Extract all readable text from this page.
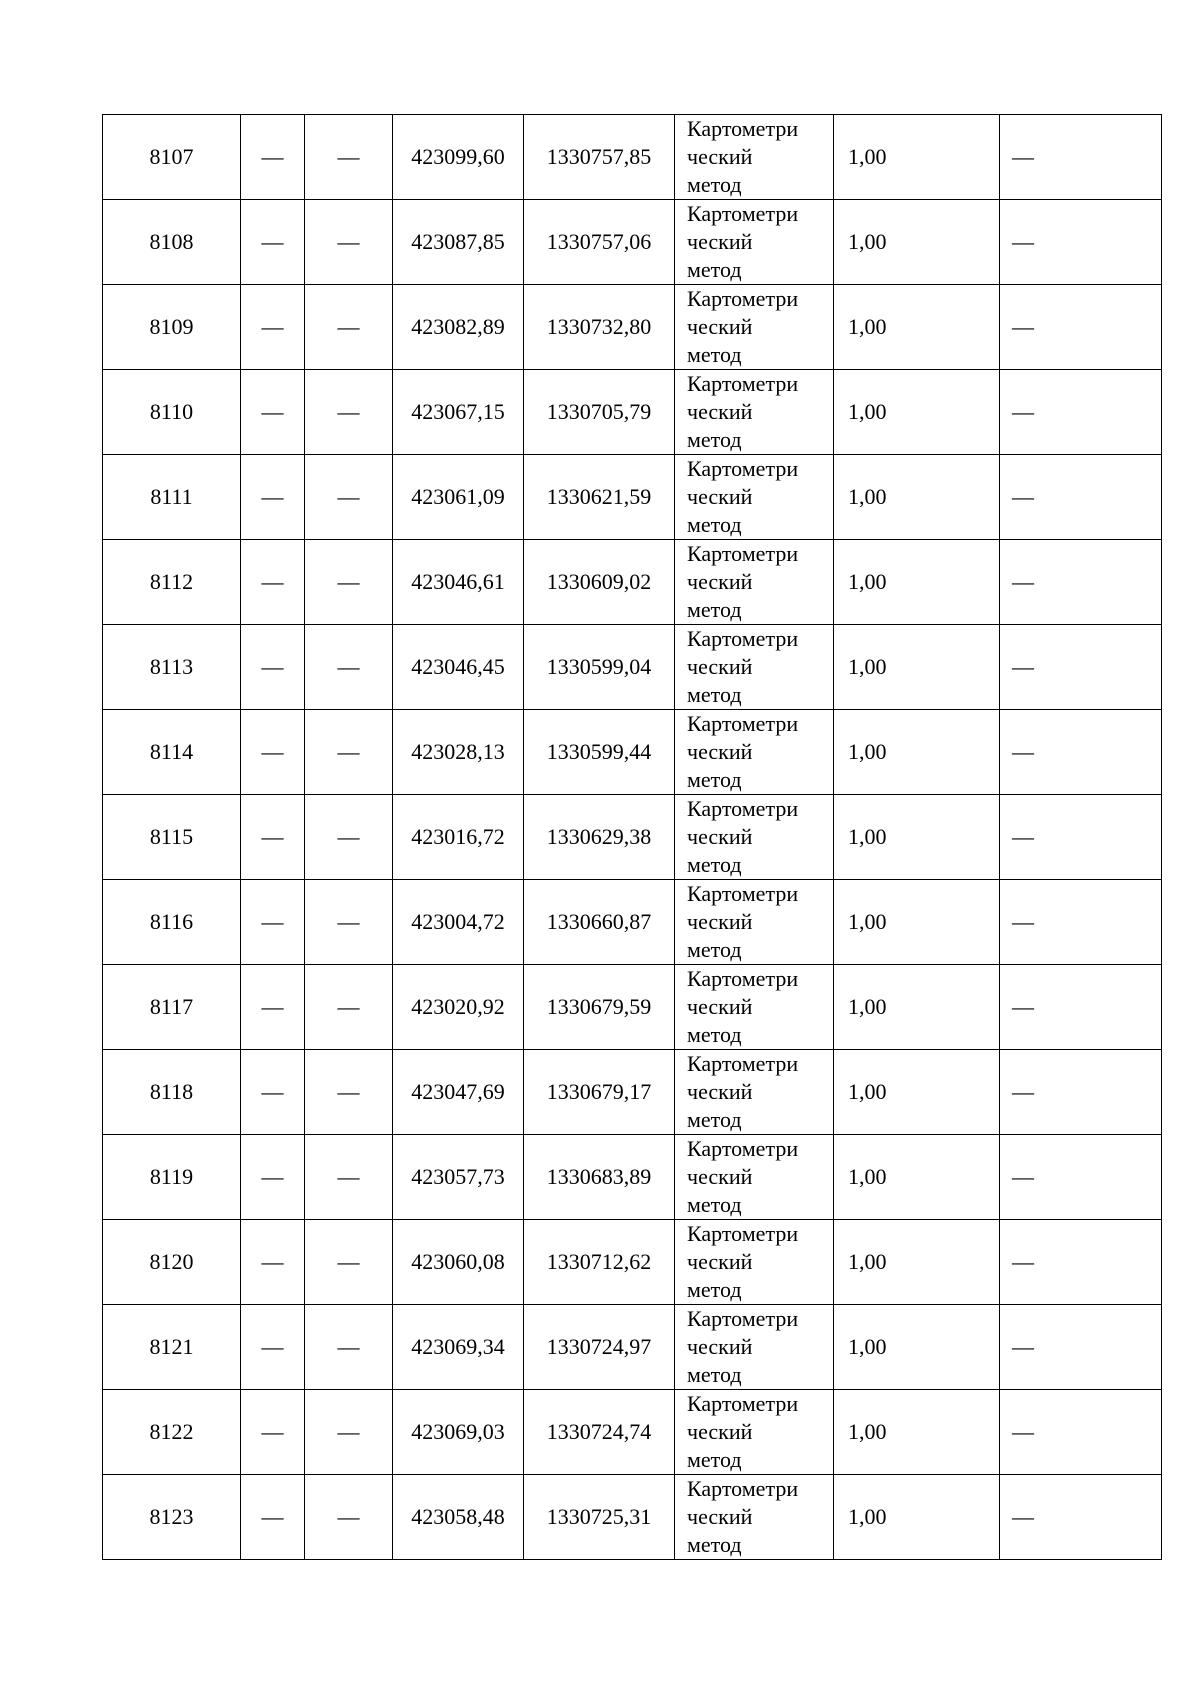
8107	—	—	423099,60	1330757,85	Картометри
ческий
метод	1,00	—
8108	—	—	423087,85	1330757,06	Картометри
ческий
метод	1,00	—
8109	—	—	423082,89	1330732,80	Картометри
ческий
метод	1,00	—
8110	—	—	423067,15	1330705,79	Картометри
ческий
метод	1,00	—
8111	—	—	423061,09	1330621,59	Картометри
ческий
метод	1,00	—
8112	—	—	423046,61	1330609,02	Картометри
ческий
метод	1,00	—
8113	—	—	423046,45	1330599,04	Картометри
ческий
метод	1,00	—
8114	—	—	423028,13	1330599,44	Картометри
ческий
метод	1,00	—
8115	—	—	423016,72	1330629,38	Картометри
ческий
метод	1,00	—
8116	—	—	423004,72	1330660,87	Картометри
ческий
метод	1,00	—
8117	—	—	423020,92	1330679,59	Картометри
ческий
метод	1,00	—
8118	—	—	423047,69	1330679,17	Картометри
ческий
метод	1,00	—
8119	—	—	423057,73	1330683,89	Картометри
ческий
метод	1,00	—
8120	—	—	423060,08	1330712,62	Картометри
ческий
метод	1,00	—
8121	—	—	423069,34	1330724,97	Картометри
ческий
метод	1,00	—
8122	—	—	423069,03	1330724,74	Картометри
ческий
метод	1,00	—
8123	—	—	423058,48	1330725,31	Картометри
ческий
метод	1,00	—
